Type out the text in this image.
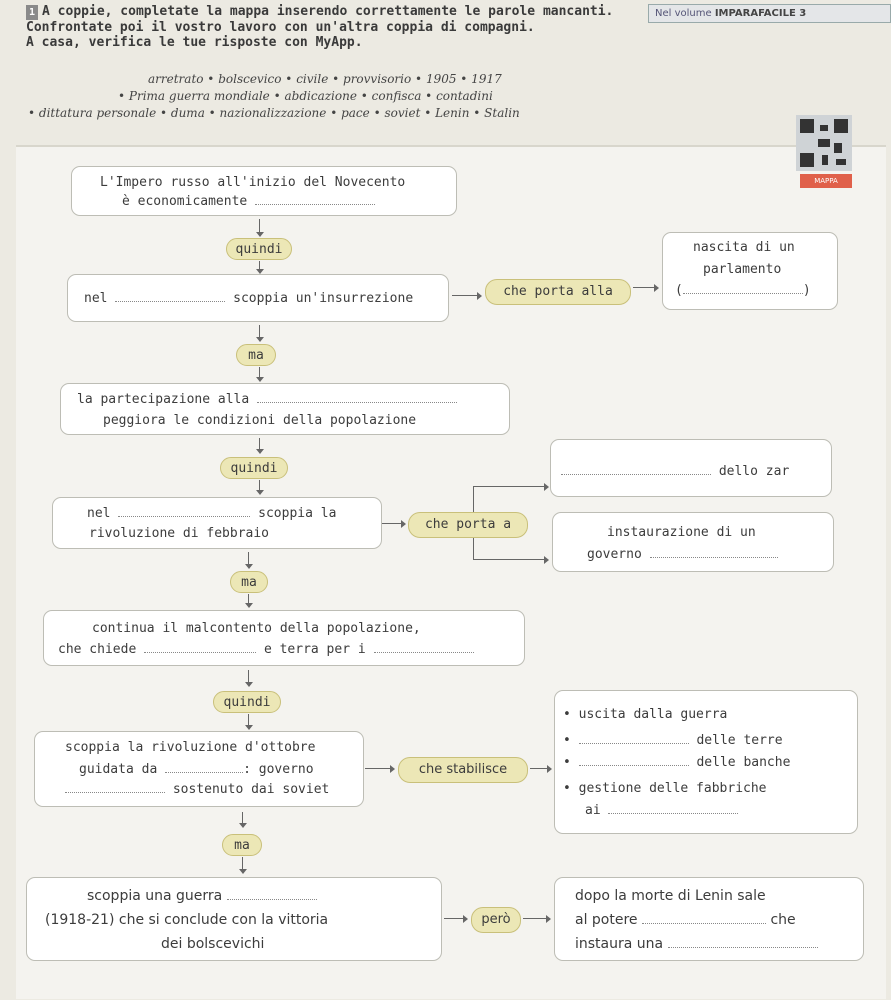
1 A coppie, completate la mappa inserendo correttamente le parole mancanti.

Confrontate poi il vostro lavoro con un'altra coppia di compagni.

A casa, verifica le tue risposte con MyApp.

Nel volume IMPARAFACILE 3
arretrato • bolscevico • civile • provvisorio • 1905 • 1917
• Prima guerra mondiale • abdicazione • confisca • contadini
• dittatura personale • duma • nazionalizzazione • pace • soviet • Lenin • Stalin
MAPPA
L'Impero russo all'inizio del Novecento
è economicamente
quindi
nel	scoppia un'insurrezione	che porta alla
nascita di un
parlamento
(	)
ma
la partecipazione alla
peggiora le condizioni della popolazione
quindi
nel	scoppia la
rivoluzione di febbraio
che porta a
dello zar
instaurazione di un
governo
ma
continua il malcontento della popolazione,
che chiede	e terra per i
quindi
scoppia la rivoluzione d'ottobre
guidata da	: governo
sostenuto dai soviet
che stabilisce
• uscita dalla guerra
•	delle terre
•	delle banche
• gestione delle fabbriche
ai
ma
scoppia una guerra
(1918-21) che si conclude con la vittoria
dei bolscevichi
però
dopo la morte di Lenin sale
al potere	che
instaura una
